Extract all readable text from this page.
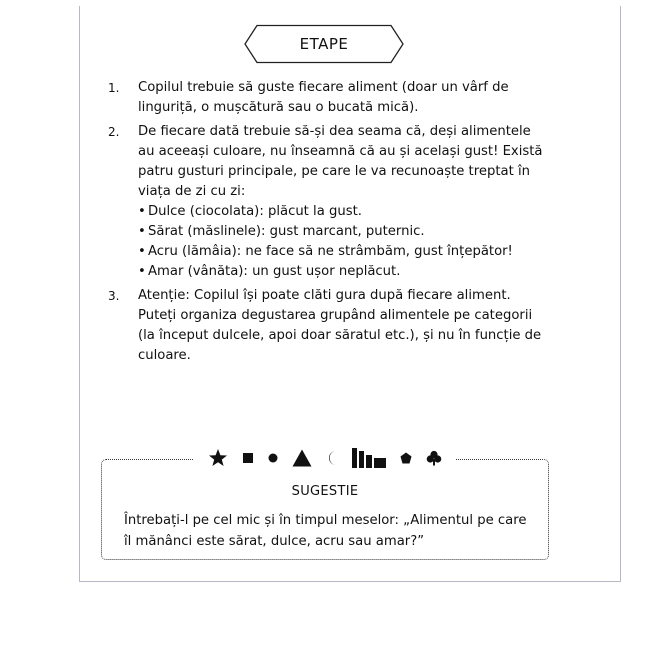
ETAPE
1. Copilul trebuie să guste fiecare aliment (doar un vârf de linguriță, o mușcătură sau o bucată mică).

2. De fiecare dată trebuie să-și dea seama că, deși alimentele au aceeași culoare, nu înseamnă că au și același gust! Există patru gusturi principale, pe care le va recunoaște treptat în viața de zi cu zi:

• Dulce (ciocolata): plăcut la gust.
• Sărat (măslinele): gust marcant, puternic.
• Acru (lămâia): ne face să ne strâmbăm, gust înțepător!
• Amar (vânăta): un gust ușor neplăcut.
3. Atenție: Copilul își poate clăti gura după fiecare aliment. Puteți organiza degustarea grupând alimentele pe categorii (la început dulcele, apoi doar săratul etc.), și nu în funcție de culoare.

SUGESTIE
Întrebați-l pe cel mic și în timpul meselor: „Alimentul pe care îl mănânci este sărat, dulce, acru sau amar?”
